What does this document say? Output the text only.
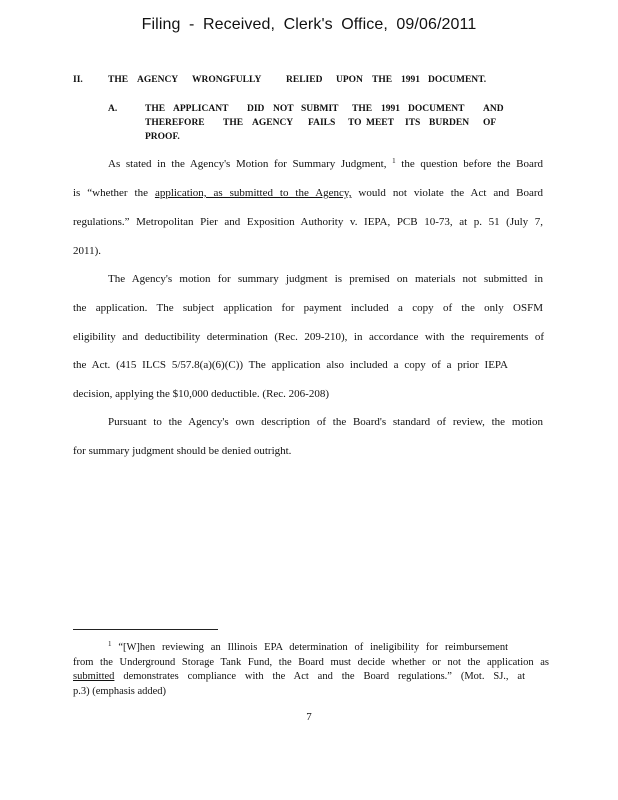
Filing - Received, Clerk's Office, 09/06/2011
II.	THE AGENCY WRONGFULLY	RELIED UPON THE 1991 DOCUMENT.
A.	THE APPLICANT DID NOT SUBMIT THE 1991 DOCUMENT AND
THEREFORE THE AGENCY FAILS TO MEET ITS BURDEN OF
PROOF.
As stated in the Agency's Motion for Summary Judgment, $^1$ the question before the Board
is “whether the application, as submitted to the Agency, would not violate the Act and Board
regulations.” Metropolitan Pier and Exposition Authority v. IEPA, PCB 10-73, at p. 51 (July 7,
2011).
The Agency's motion for summary judgment is premised on materials not submitted in
the application. The subject application for payment included a copy of the only OSFM
eligibility and deductibility determination (Rec. 209-210), in accordance with the requirements of
the Act. (415 ILCS 5/57.8(a)(6)(C)) The application also included a copy of a prior IEPA
decision, applying the $10,000 deductible. (Rec. 206-208)
Pursuant to the Agency's own description of the Board's standard of review, the motion
for summary judgment should be denied outright.
$^1$ “[W]hen reviewing an Illinois EPA determination of ineligibility for reimbursement
from the Underground Storage Tank Fund, the Board must decide whether or not the application as
submitted demonstrates compliance with the Act and the Board regulations.” (Mot. SJ., at
p.3) (emphasis added)
7
